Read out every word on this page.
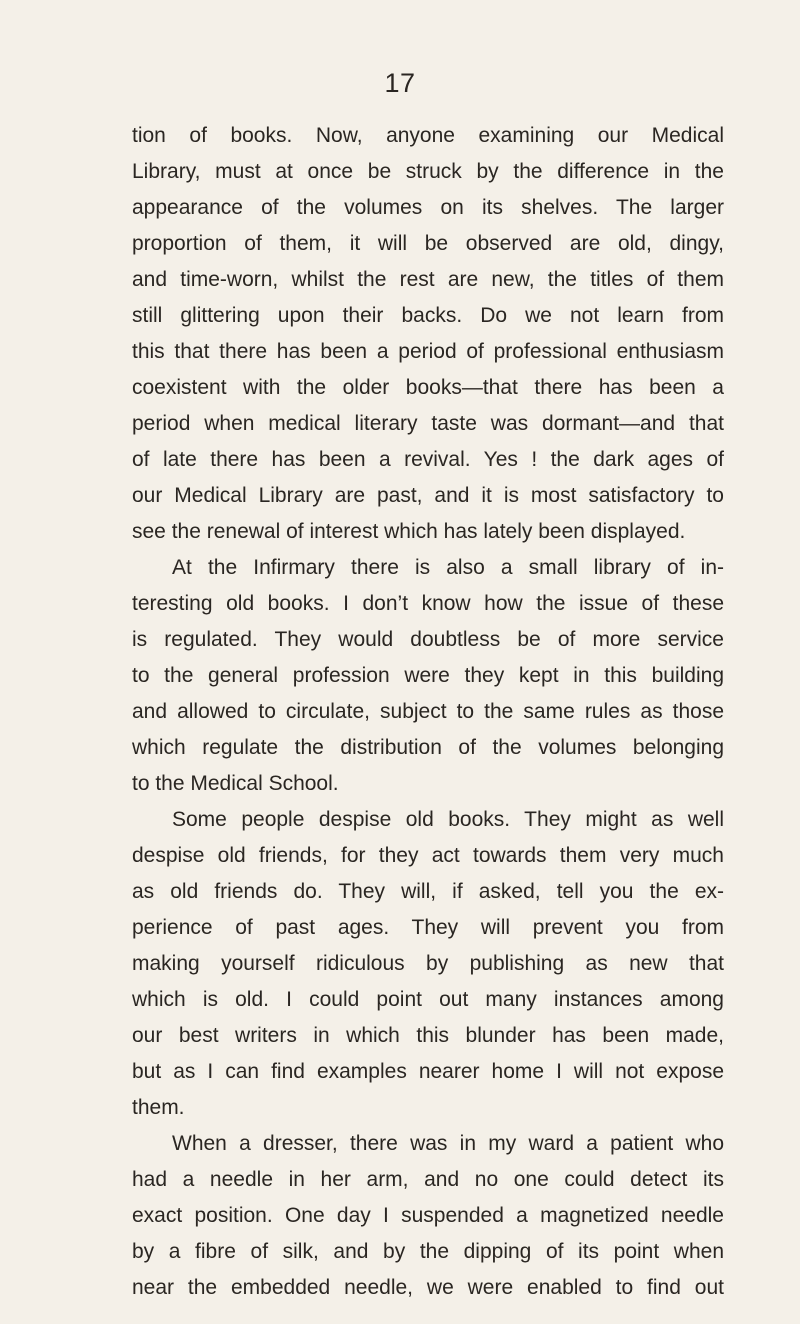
17
tion of books. Now, anyone examining our Medical
Library, must at once be struck by the difference in the
appearance of the volumes on its shelves. The larger
proportion of them, it will be observed are old, dingy,
and time-worn, whilst the rest are new, the titles of them
still glittering upon their backs. Do we not learn from
this that there has been a period of professional enthusiasm
coexistent with the older books—that there has been a
period when medical literary taste was dormant—and that
of late there has been a revival. Yes ! the dark ages of
our Medical Library are past, and it is most satisfactory to
see the renewal of interest which has lately been displayed.
At the Infirmary there is also a small library of in-
teresting old books. I don’t know how the issue of these
is regulated. They would doubtless be of more service
to the general profession were they kept in this building
and allowed to circulate, subject to the same rules as those
which regulate the distribution of the volumes belonging
to the Medical School.
Some people despise old books. They might as well
despise old friends, for they act towards them very much
as old friends do. They will, if asked, tell you the ex-
perience of past ages. They will prevent you from
making yourself ridiculous by publishing as new that
which is old. I could point out many instances among
our best writers in which this blunder has been made,
but as I can find examples nearer home I will not expose
them.
When a dresser, there was in my ward a patient who
had a needle in her arm, and no one could detect its
exact position. One day I suspended a magnetized needle
by a fibre of silk, and by the dipping of its point when
near the embedded needle, we were enabled to find out
